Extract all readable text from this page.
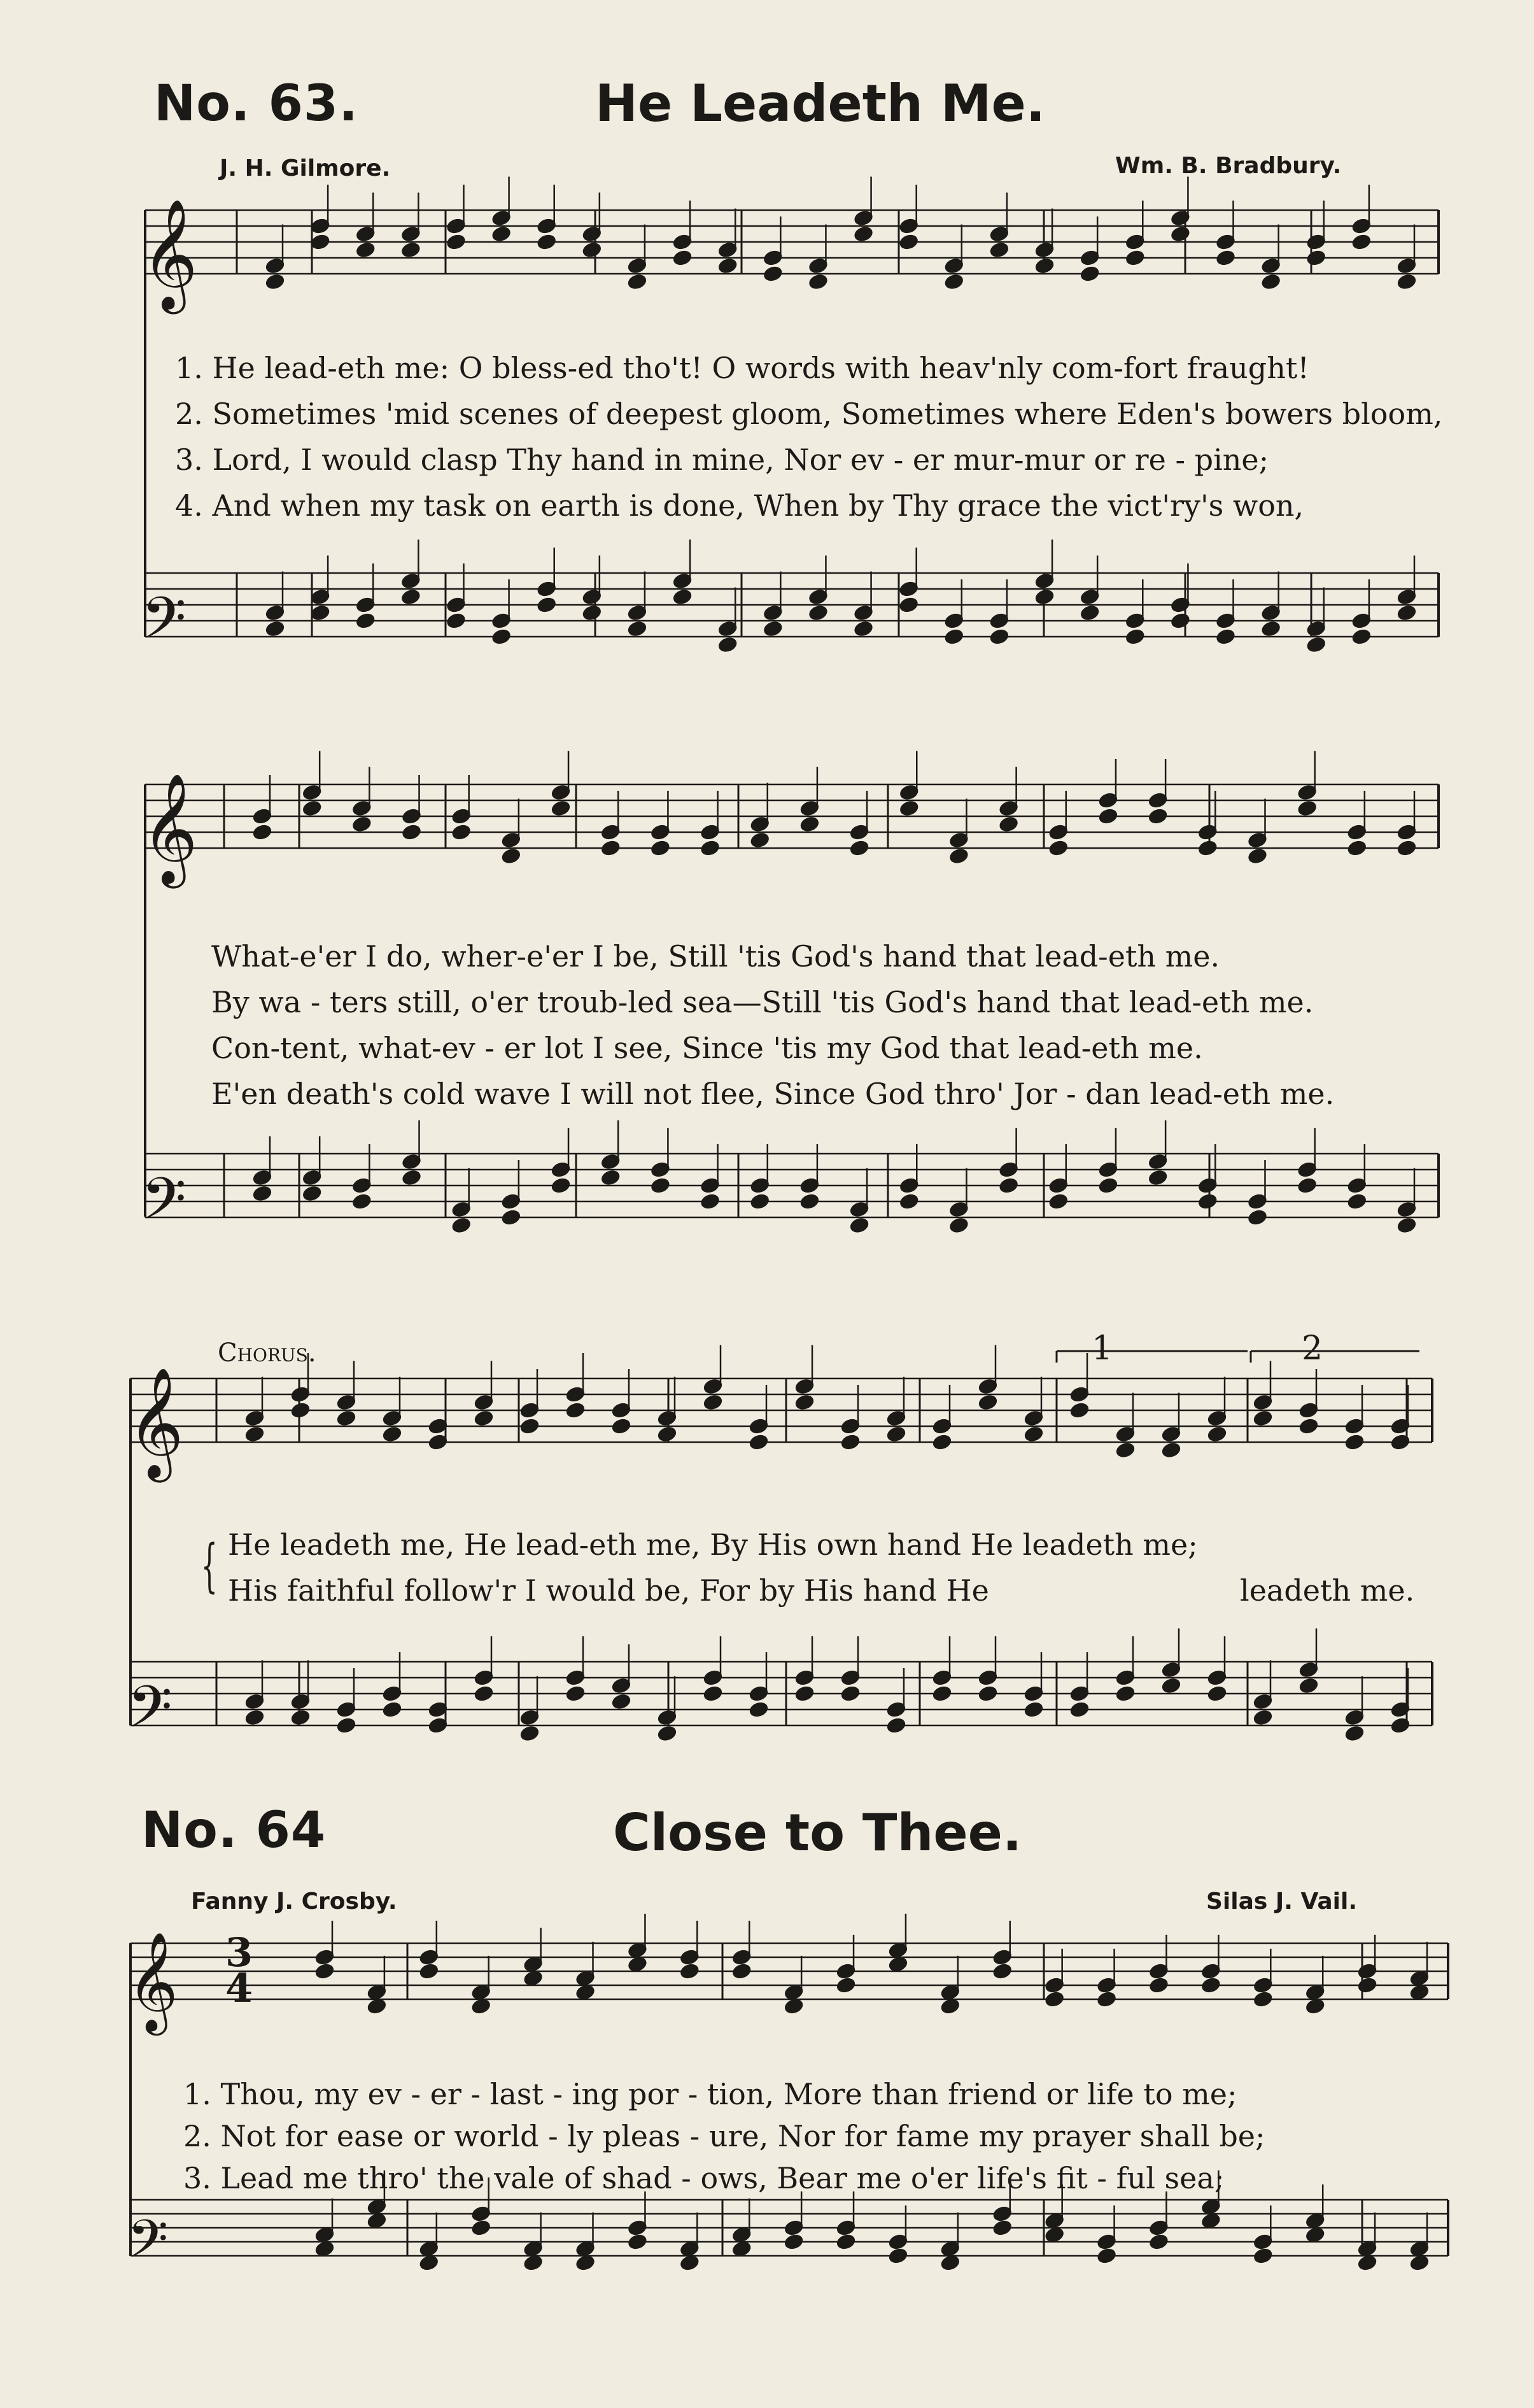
No. 63.	He Leadeth Me.
J. H. Gilmore.	Wm. B. Bradbury.
𝄞
𝄢
𝄞
𝄢
𝄞
𝄢
𝄞
𝄢
1. He lead-eth me: O bless-ed tho't! O words with heav'nly com-fort fraught!
2. Sometimes 'mid scenes of deepest gloom, Sometimes where Eden's bowers bloom,
3. Lord, I would clasp Thy hand in mine, Nor ev - er mur-mur or re - pine;
4. And when my task on earth is done, When by Thy grace the vict'ry's won,
What-e'er I do, wher-e'er I be, Still 'tis God's hand that lead-eth me.
By wa - ters still, o'er troub-led sea—Still 'tis God's hand that lead-eth me.
Con-tent, what-ev - er lot I see, Since 'tis my God that lead-eth me.
E'en death's cold wave I will not flee, Since God thro' Jor - dan lead-eth me.
Chorus.	1	2
{ He leadeth me, He lead-eth me, By His own hand He leadeth me;
His faithful follow'r I would be, For by His hand He	leadeth me.
No. 64	Close to Thee.
Fanny J. Crosby.	Silas J. Vail.
3
4
1. Thou, my ev - er - last - ing por - tion, More than friend or life to me;
2. Not for ease or world - ly pleas - ure, Nor for fame my prayer shall be;
3. Lead me thro' the vale of shad - ows, Bear me o'er life's fit - ful sea;
